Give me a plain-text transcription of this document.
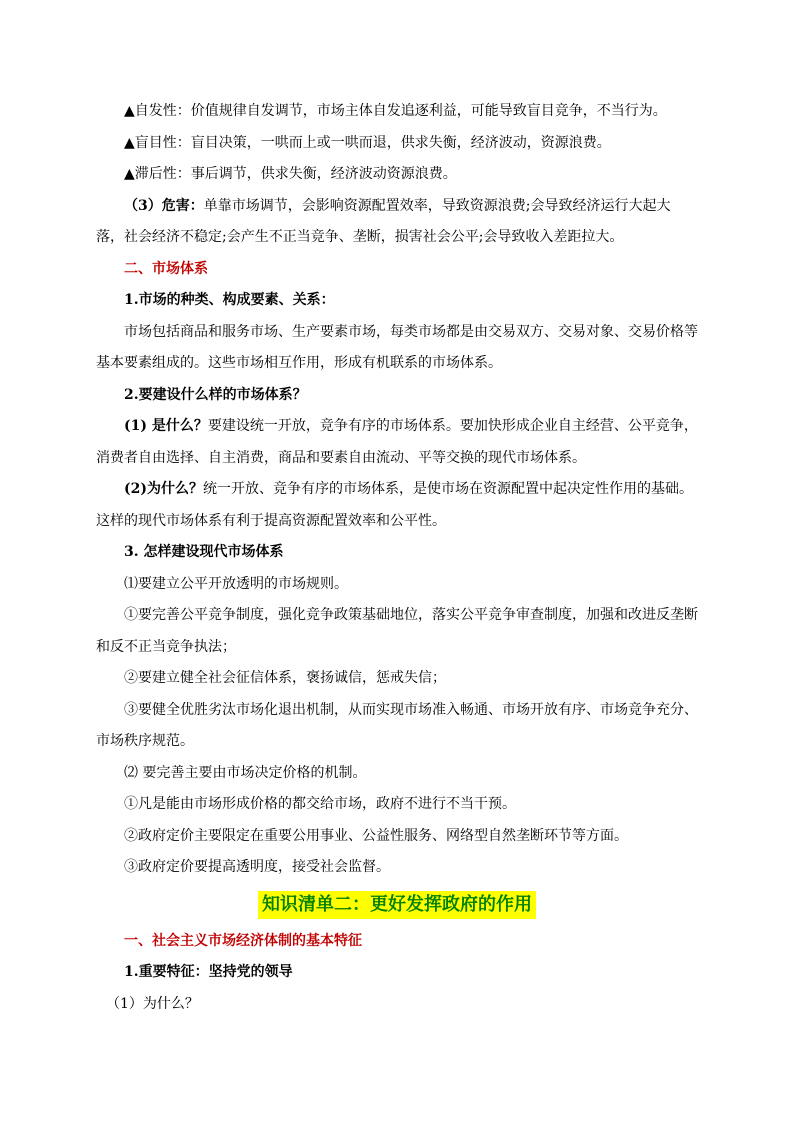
▲自发性：价值规律自发调节，市场主体自发追逐利益，可能导致盲目竞争，不当行为。

▲盲目性：盲目决策，一哄而上或一哄而退，供求失衡，经济波动，资源浪费。

▲滞后性：事后调节，供求失衡，经济波动资源浪费。

（3）危害：单靠市场调节，会影响资源配置效率，导致资源浪费;会导致经济运行大起大落，社会经济不稳定;会产生不正当竞争、垄断，损害社会公平;会导致收入差距拉大。

二、市场体系

1.市场的种类、构成要素、关系：

市场包括商品和服务市场、生产要素市场，每类市场都是由交易双方、交易对象、交易价格等基本要素组成的。这些市场相互作用，形成有机联系的市场体系。

2.要建设什么样的市场体系？

(1) 是什么？要建设统一开放，竞争有序的市场体系。要加快形成企业自主经营、公平竞争，消费者自由选择、自主消费，商品和要素自由流动、平等交换的现代市场体系。

(2)为什么？统一开放、竞争有序的市场体系，是使市场在资源配置中起决定性作用的基础。这样的现代市场体系有利于提高资源配置效率和公平性。

3. 怎样建设现代市场体系

⑴要建立公平开放透明的市场规则。

①要完善公平竞争制度，强化竞争政策基础地位，落实公平竞争审查制度，加强和改进反垄断和反不正当竞争执法；

②要建立健全社会征信体系，褒扬诚信，惩戒失信；

③要健全优胜劣汰市场化退出机制，从而实现市场准入畅通、市场开放有序、市场竞争充分、市场秩序规范。

⑵ 要完善主要由市场决定价格的机制。

①凡是能由市场形成价格的都交给市场，政府不进行不当干预。

②政府定价主要限定在重要公用事业、公益性服务、网络型自然垄断环节等方面。

③政府定价要提高透明度，接受社会监督。

知识清单二：更好发挥政府的作用

一、社会主义市场经济体制的基本特征

1.重要特征：坚持党的领导

（1）为什么？
